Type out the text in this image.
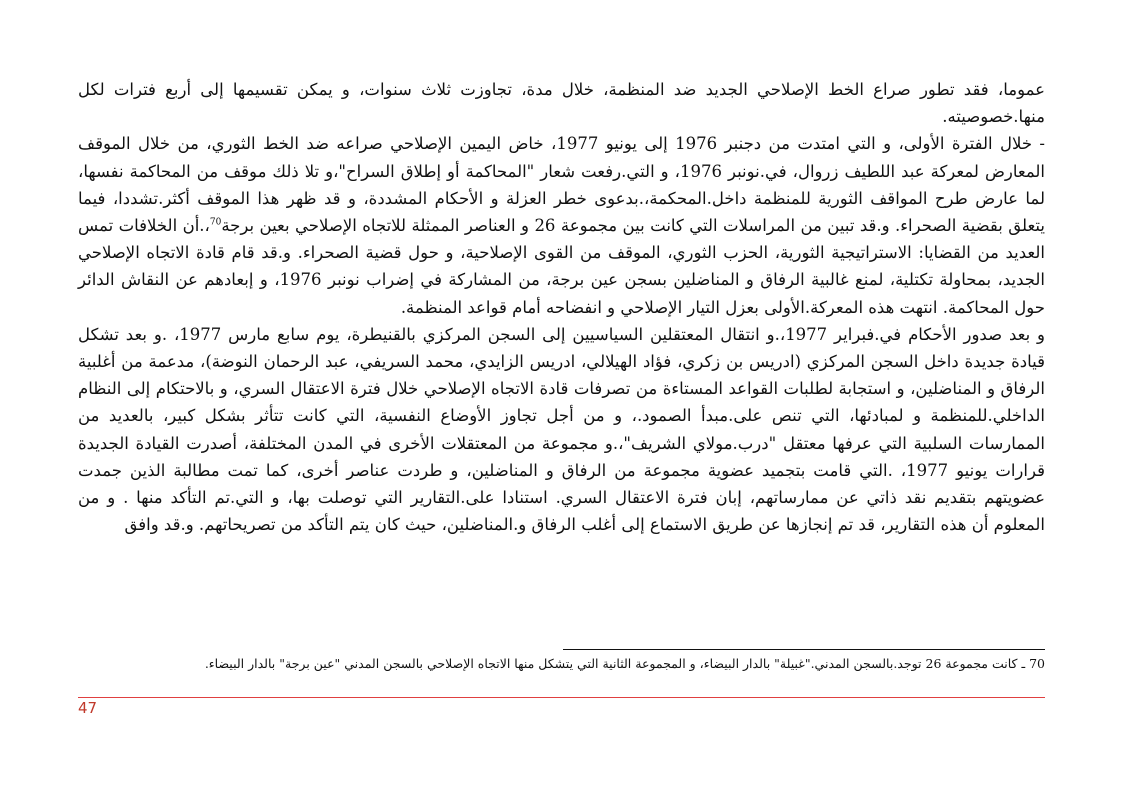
عموما، فقد تطور صراع الخط الإصلاحي الجديد ضد المنظمة، خلال مدة، تجاوزت ثلاث سنوات، و يمكن تقسيمها إلى أربع فترات لكل منها.خصوصيته.

- خلال الفترة الأولى، و التي امتدت من دجنبر 1976 إلى يونيو 1977، خاض اليمين الإصلاحي صراعه ضد الخط الثوري، من خلال الموقف المعارض لمعركة عبد اللطيف زروال، في.نونبر 1976، و التي.رفعت شعار "المحاكمة أو إطلاق السراح"،و تلا ذلك موقف من المحاكمة نفسها، لما عارض طرح المواقف الثورية للمنظمة داخل.المحكمة،.بدعوى خطر العزلة و الأحكام المشددة، و قد ظهر هذا الموقف أكثر.تشددا، فيما يتعلق بقضية الصحراء. و.قد تبين من المراسلات التي كانت بين مجموعة 26 و العناصر الممثلة للاتجاه الإصلاحي بعين برجة$^{70}$،.أن الخلافات تمس العديد من القضايا: الاستراتيجية الثورية، الحزب الثوري، الموقف من القوى الإصلاحية، و حول قضية الصحراء. و.قد قام قادة الاتجاه الإصلاحي الجديد، بمحاولة تكتلية، لمنع غالبية الرفاق و المناضلين بسجن عين برجة، من المشاركة في إضراب نونبر 1976، و إبعادهم عن النقاش الدائر حول المحاكمة. انتهت هذه المعركة.الأولى بعزل التيار الإصلاحي و انفضاحه أمام قواعد المنظمة.

و بعد صدور الأحكام في.فبراير 1977،.و انتقال المعتقلين السياسيين إلى السجن المركزي بالقنيطرة، يوم سابع مارس 1977، .و بعد تشكل قيادة جديدة داخل السجن المركزي (ادريس بن زكري، فؤاد الهيلالي، ادريس الزايدي، محمد السريفي، عبد الرحمان النوضة)، مدعمة من أغلبية الرفاق و المناضلين، و استجابة لطلبات القواعد المستاءة من تصرفات قادة الاتجاه الإصلاحي خلال فترة الاعتقال السري، و بالاحتكام إلى النظام الداخلي.للمنظمة و لمبادئها، التي تنص على.مبدأ الصمود.، و من أجل تجاوز الأوضاع النفسية، التي كانت تتأثر بشكل كبير، بالعديد من الممارسات السلبية التي عرفها معتقل "درب.مولاي الشريف"،.و مجموعة من المعتقلات الأخرى في المدن المختلفة، أصدرت القيادة الجديدة قرارات يونيو 1977، .التي قامت بتجميد عضوية مجموعة من الرفاق و المناضلين، و طردت عناصر أخرى، كما تمت مطالبة الذين جمدت عضويتهم بتقديم نقد ذاتي عن ممارساتهم، إبان فترة الاعتقال السري. استنادا على.التقارير التي توصلت بها، و التي.تم التأكد منها . و من المعلوم أن هذه التقارير، قد تم إنجازها عن طريق الاستماع إلى أغلب الرفاق و.المناضلين، حيث كان يتم التأكد من تصريحاتهم. و.قد وافق

70 ـ كانت مجموعة 26 توجد.بالسجن المدني."غبيلة" بالدار البيضاء، و المجموعة الثانية التي يتشكل منها الاتجاه الإصلاحي بالسجن المدني "عين برجة" بالدار البيضاء.
47
